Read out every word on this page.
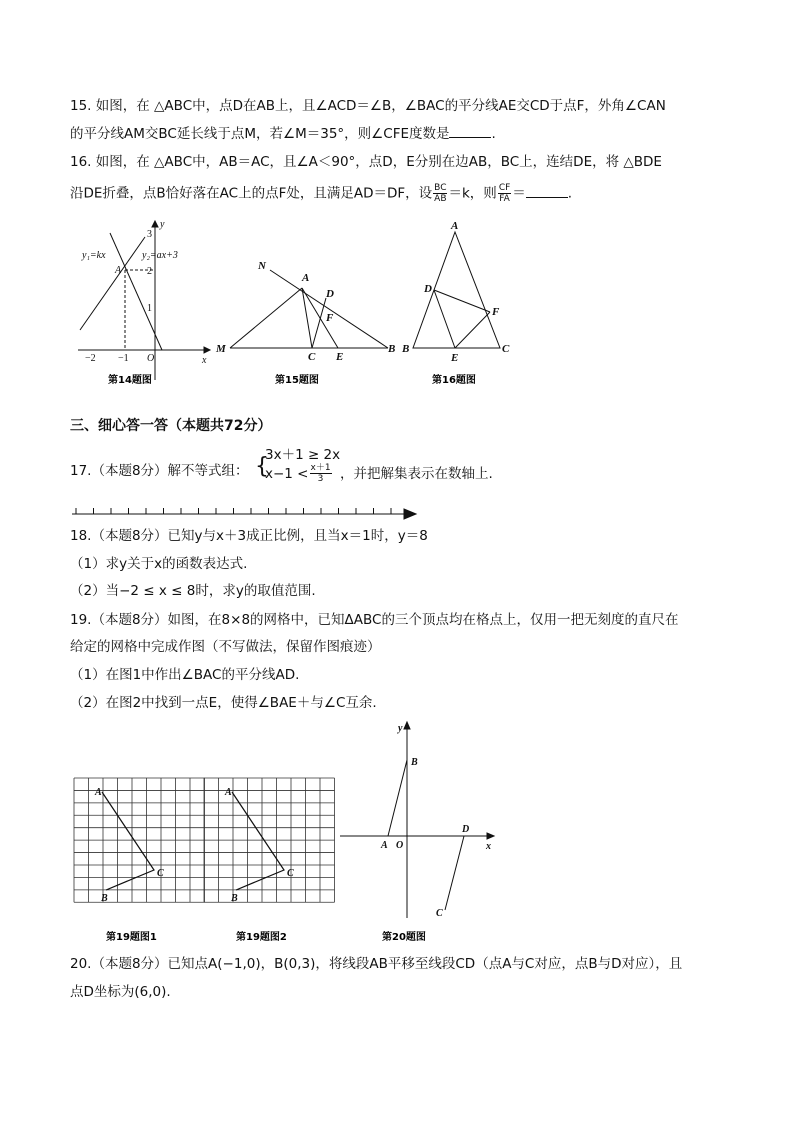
15. 如图，在 △ABC中，点D在AB上，且∠ACD＝∠B，∠BAC的平分线AE交CD于点F，外角∠CAN
的平分线AM交BC延长线于点M，若∠M＝35°，则∠CFE度数是	.
16. 如图，在 △ABC中，AB＝AC，且∠A＜90°，点D，E分别在边AB，BC上，连结DE，将 △BDE
沿DE折叠，点B恰好落在AC上的点F处，且满足AD＝DF，设 $\frac{BC}{AB} =k$，则 $\frac{CF}{FA}$ ＝	.
y₁=kx	y₂=ax+3
A
x
y
O
−2 −1
3
2
1
第14题图
N
A
D
F
M
C E
B
第15题图
A
D
F
B
E
C
第16题图
三、细心答一答（本题共72分）
17.（本题8分）解不等式组： {
3x＋1 ≥ 2x
$x-1 < \frac{x+1}{3}$ ，并把解集表示在数轴上.
18.（本题8分）已知y与x＋3成正比例，且当x＝1时，y＝8
（1）求y关于x的函数表达式.
（2）当−2 ≤ x ≤ 8时，求y的取值范围.
19.（本题8分）如图，在8×8的网格中，已知ΔABC的三个顶点均在格点上，仅用一把无刻度的直尺在
给定的网格中完成作图（不写做法，保留作图痕迹）
（1）在图1中作出∠BAC的平分线AD.
（2）在图2中找到一点E，使得∠BAE＋与∠C互余.
A
B
C
A
B
C
第19题图1	第19题图2
y
B
A O
D
x
C
第20题图
20.（本题8分）已知点A(−1,0)，B(0,3)，将线段AB平移至线段CD（点A与C对应，点B与D对应），且
点D坐标为(6,0).
